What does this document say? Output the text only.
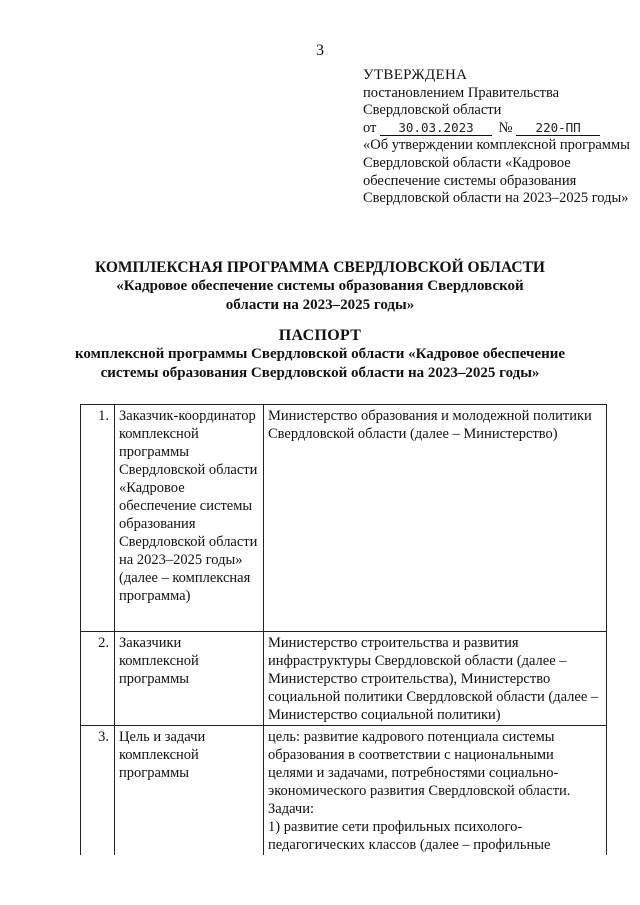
3
УТВЕРЖДЕНА
постановлением Правительства
Свердловской области
от 30.03.2023 № 220-ПП
«Об утверждении комплексной программы Свердловской области «Кадровое обеспечение системы образования Свердловской области на 2023–2025 годы»
КОМПЛЕКСНАЯ ПРОГРАММА СВЕРДЛОВСКОЙ ОБЛАСТИ
«Кадровое обеспечение системы образования Свердловской области на 2023–2025 годы»
ПАСПОРТ
комплексной программы Свердловской области «Кадровое обеспечение системы образования Свердловской области на 2023–2025 годы»
1.	Заказчик-координатор комплексной программы Свердловской области «Кадровое обеспечение системы образования Свердловской области на 2023–2025 годы» (далее – комплексная программа)	Министерство образования и молодежной политики Свердловской области (далее – Министерство)
2.	Заказчики комплексной программы	Министерство строительства и развития инфраструктуры Свердловской области (далее – Министерство строительства), Министерство социальной политики Свердловской области (далее – Министерство социальной политики)
3.	Цель и задачи комплексной программы	цель: развитие кадрового потенциала системы образования в соответствии с национальными целями и задачами, потребностями социально-экономического развития Свердловской области.
Задачи:
1) развитие сети профильных психолого-педагогических классов (далее – профильные
